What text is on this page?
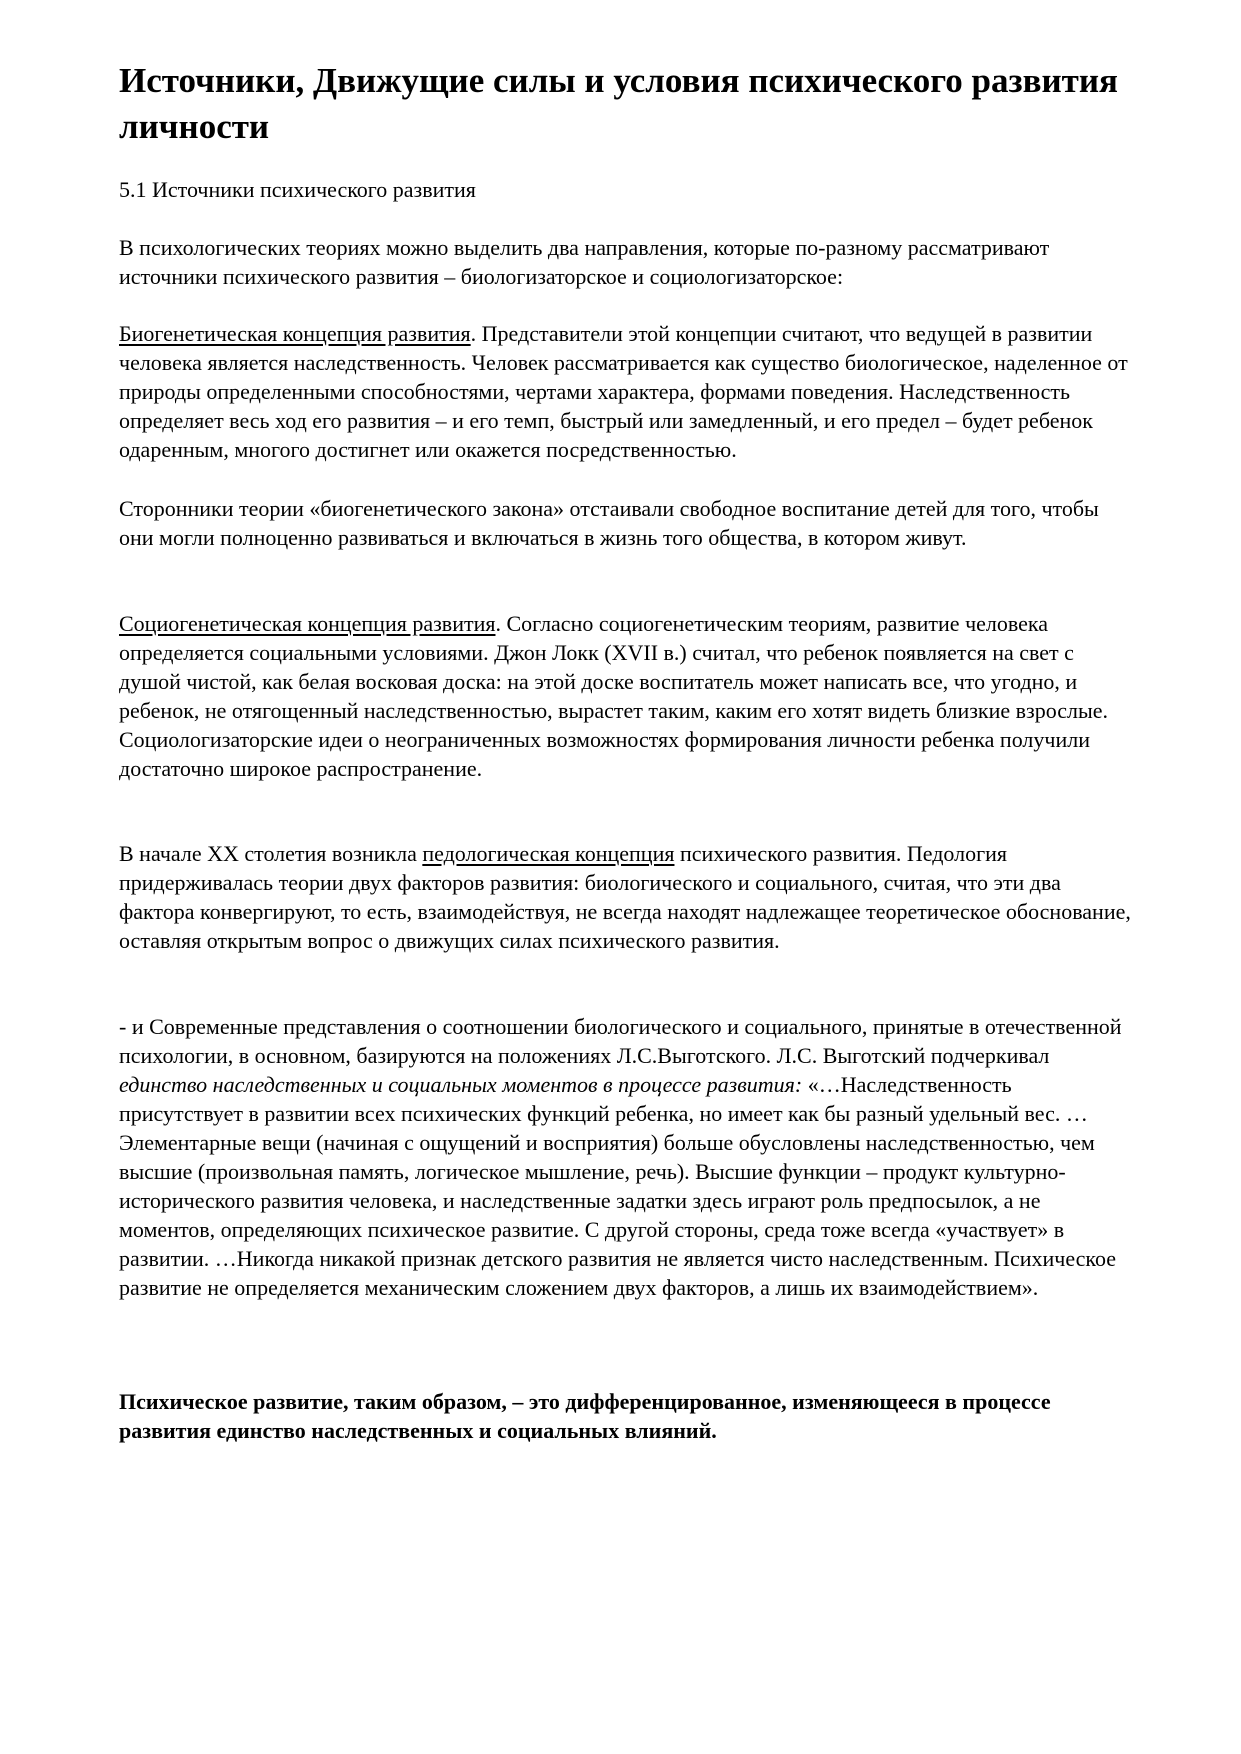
Источники, Движущие силы и условия психического развития личности

5.1 Источники психического развития

В психологических теориях можно выделить два направления, которые по-разному рассматривают источники психического развития – биологизаторское и социологизаторское:

Биогенетическая концепция развития. Представители этой концепции считают, что ведущей в развитии человека является наследственность. Человек рассматривается как существо биологическое, наделенное от природы определенными способностями, чертами характера, формами поведения. Наследственность определяет весь ход его развития – и его темп, быстрый или замедленный, и его предел – будет ребенок одаренным, многого достигнет или окажется посредственностью.

Сторонники теории «биогенетического закона» отстаивали свободное воспитание детей для того, чтобы они могли полноценно развиваться и включаться в жизнь того общества, в котором живут.

Социогенетическая концепция развития. Согласно социогенетическим теориям, развитие человека определяется социальными условиями. Джон Локк (XVII в.) считал, что ребенок появляется на свет с душой чистой, как белая восковая доска: на этой доске воспитатель может написать все, что угодно, и ребенок, не отягощенный наследственностью, вырастет таким, каким его хотят видеть близкие взрослые. Социологизаторские идеи о неограниченных возможностях формирования личности ребенка получили достаточно широкое распространение.

В начале XX столетия возникла педологическая концепция психического развития. Педология придерживалась теории двух факторов развития: биологического и социального, считая, что эти два фактора конвергируют, то есть, взаимодействуя, не всегда находят надлежащее теоретическое обоснование, оставляя открытым вопрос о движущих силах психического развития.

- и Современные представления о соотношении биологического и социального, принятые в отечественной психологии, в основном, базируются на положениях Л.С.Выготского. Л.С. Выготский подчеркивал единство наследственных и социальных моментов в процессе развития: «…Наследственность присутствует в развитии всех психических функций ребенка, но имеет как бы разный удельный вес. …Элементарные вещи (начиная с ощущений и восприятия) больше обусловлены наследственностью, чем высшие (произвольная память, логическое мышление, речь). Высшие функции – продукт культурно-исторического развития человека, и наследственные задатки здесь играют роль предпосылок, а не моментов, определяющих психическое развитие. С другой стороны, среда тоже всегда «участвует» в развитии. …Никогда никакой признак детского развития не является чисто наследственным. Психическое развитие не определяется механическим сложением двух факторов, а лишь их взаимодействием».

Психическое развитие, таким образом, – это дифференцированное, изменяющееся в процессе развития единство наследственных и социальных влияний.
